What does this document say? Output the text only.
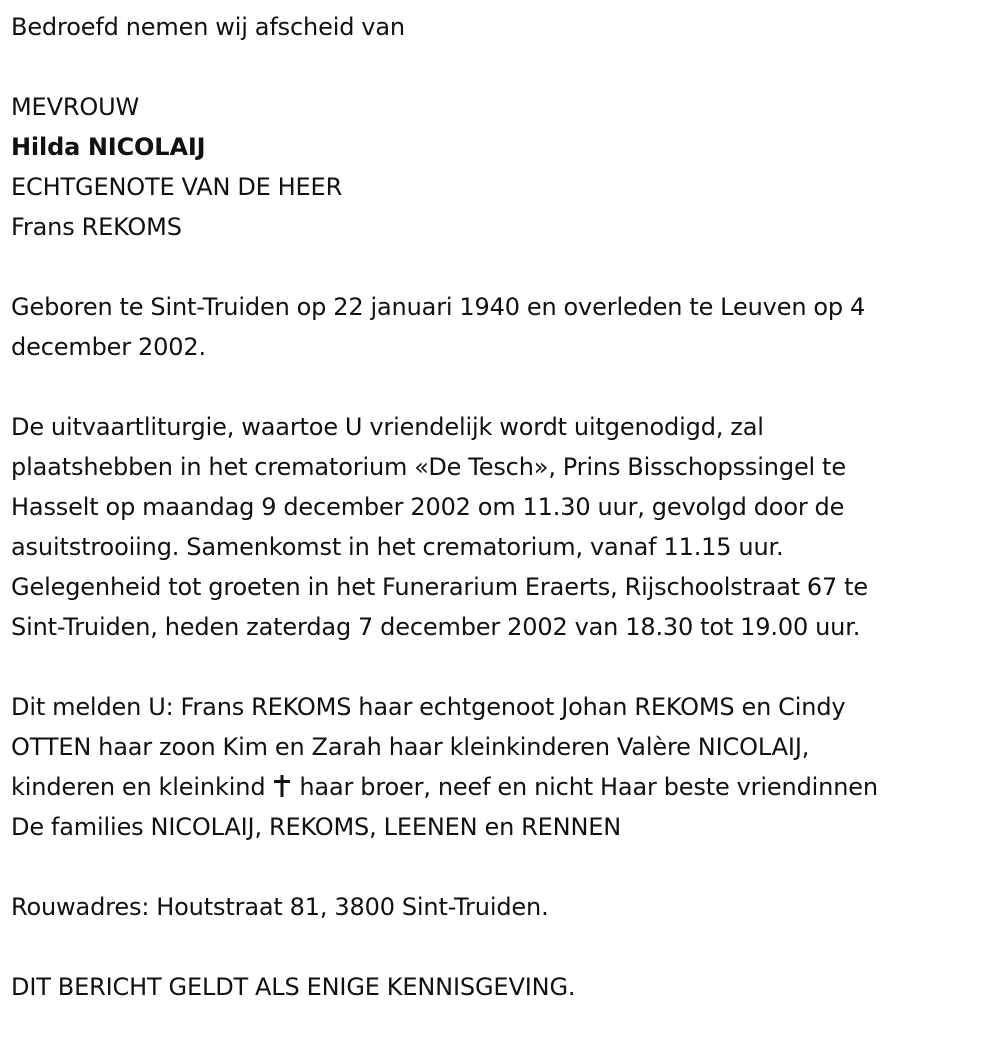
Bedroefd nemen wij afscheid van

MEVROUW

Hilda NICOLAIJ

ECHTGENOTE VAN DE HEER

Frans REKOMS

Geboren te Sint-Truiden op 22 januari 1940 en overleden te Leuven op 4

december 2002.

De uitvaartliturgie, waartoe U vriendelijk wordt uitgenodigd, zal

plaatshebben in het crematorium «De Tesch», Prins Bisschopssingel te

Hasselt op maandag 9 december 2002 om 11.30 uur, gevolgd door de

asuitstrooiing. Samenkomst in het crematorium, vanaf 11.15 uur.

Gelegenheid tot groeten in het Funerarium Eraerts, Rijschoolstraat 67 te

Sint-Truiden, heden zaterdag 7 december 2002 van 18.30 tot 19.00 uur.

Dit melden U: Frans REKOMS haar echtgenoot Johan REKOMS en Cindy

OTTEN haar zoon Kim en Zarah haar kleinkinderen Valère NICOLAIJ,

kinderen en kleinkind  haar broer, neef en nicht Haar beste vriendinnen

De families NICOLAIJ, REKOMS, LEENEN en RENNEN

Rouwadres: Houtstraat 81, 3800 Sint-Truiden.

DIT BERICHT GELDT ALS ENIGE KENNISGEVING.
